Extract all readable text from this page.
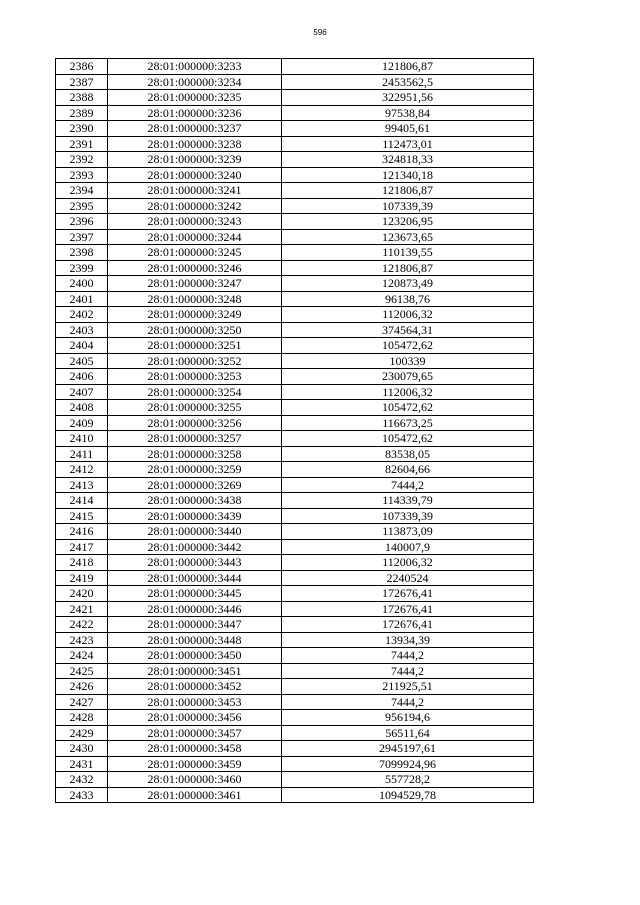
596
2386	28:01:000000:3233	121806,87
2387	28:01:000000:3234	2453562,5
2388	28:01:000000:3235	322951,56
2389	28:01:000000:3236	97538,84
2390	28:01:000000:3237	99405,61
2391	28:01:000000:3238	112473,01
2392	28:01:000000:3239	324818,33
2393	28:01:000000:3240	121340,18
2394	28:01:000000:3241	121806,87
2395	28:01:000000:3242	107339,39
2396	28:01:000000:3243	123206,95
2397	28:01:000000:3244	123673,65
2398	28:01:000000:3245	110139,55
2399	28:01:000000:3246	121806,87
2400	28:01:000000:3247	120873,49
2401	28:01:000000:3248	96138,76
2402	28:01:000000:3249	112006,32
2403	28:01:000000:3250	374564,31
2404	28:01:000000:3251	105472,62
2405	28:01:000000:3252	100339
2406	28:01:000000:3253	230079,65
2407	28:01:000000:3254	112006,32
2408	28:01:000000:3255	105472,62
2409	28:01:000000:3256	116673,25
2410	28:01:000000:3257	105472,62
2411	28:01:000000:3258	83538,05
2412	28:01:000000:3259	82604,66
2413	28:01:000000:3269	7444,2
2414	28:01:000000:3438	114339,79
2415	28:01:000000:3439	107339,39
2416	28:01:000000:3440	113873,09
2417	28:01:000000:3442	140007,9
2418	28:01:000000:3443	112006,32
2419	28:01:000000:3444	2240524
2420	28:01:000000:3445	172676,41
2421	28:01:000000:3446	172676,41
2422	28:01:000000:3447	172676,41
2423	28:01:000000:3448	13934,39
2424	28:01:000000:3450	7444,2
2425	28:01:000000:3451	7444,2
2426	28:01:000000:3452	211925,51
2427	28:01:000000:3453	7444,2
2428	28:01:000000:3456	956194,6
2429	28:01:000000:3457	56511,64
2430	28:01:000000:3458	2945197,61
2431	28:01:000000:3459	7099924,96
2432	28:01:000000:3460	557728,2
2433	28:01:000000:3461	1094529,78
